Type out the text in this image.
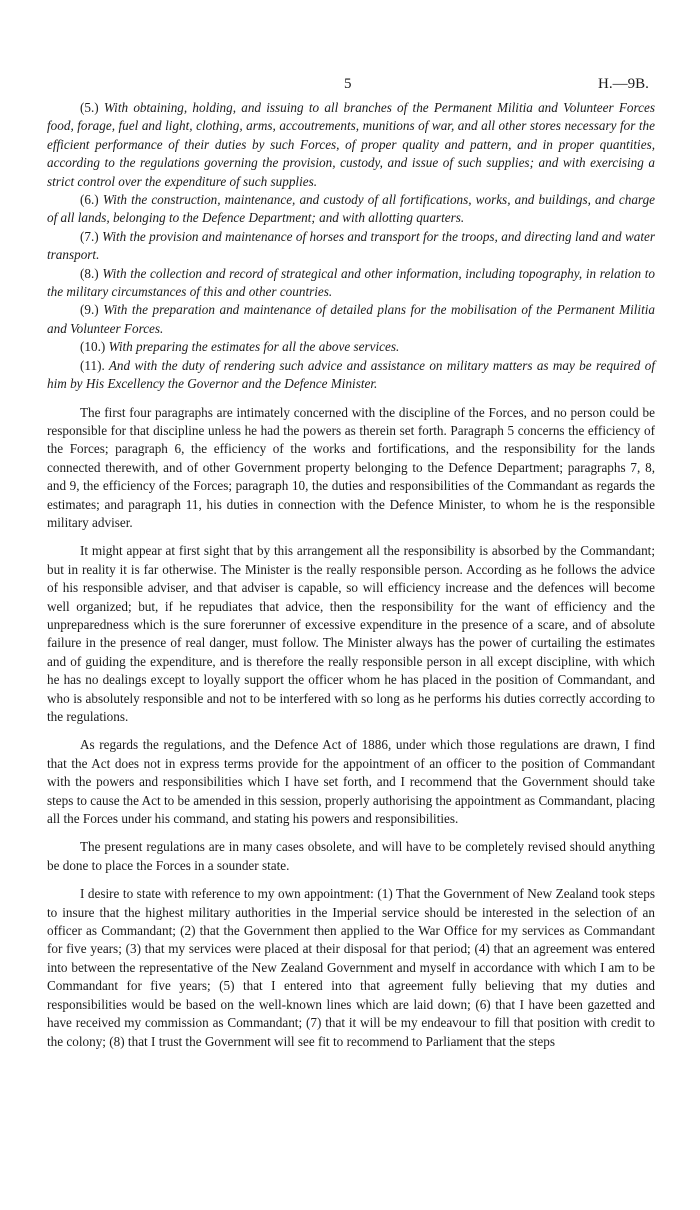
5	H.—9B.

(5.) With obtaining, holding, and issuing to all branches of the Permanent Militia and Volunteer Forces food, forage, fuel and light, clothing, arms, accoutrements, munitions of war, and all other stores necessary for the efficient performance of their duties by such Forces, of proper quality and pattern, and in proper quantities, according to the regulations governing the provision, custody, and issue of such supplies; and with exercising a strict control over the expenditure of such supplies.

(6.) With the construction, maintenance, and custody of all fortifications, works, and buildings, and charge of all lands, belonging to the Defence Department; and with allotting quarters.

(7.) With the provision and maintenance of horses and transport for the troops, and directing land and water transport.

(8.) With the collection and record of strategical and other information, including topography, in relation to the military circumstances of this and other countries.

(9.) With the preparation and maintenance of detailed plans for the mobilisation of the Permanent Militia and Volunteer Forces.

(10.) With preparing the estimates for all the above services.

(11). And with the duty of rendering such advice and assistance on military matters as may be required of him by His Excellency the Governor and the Defence Minister.

The first four paragraphs are intimately concerned with the discipline of the Forces, and no person could be responsible for that discipline unless he had the powers as therein set forth. Paragraph 5 concerns the efficiency of the Forces; paragraph 6, the efficiency of the works and fortifications, and the responsibility for the lands connected therewith, and of other Government property belonging to the Defence Department; paragraphs 7, 8, and 9, the efficiency of the Forces; paragraph 10, the duties and responsibilities of the Commandant as regards the estimates; and paragraph 11, his duties in connection with the Defence Minister, to whom he is the responsible military adviser.

It might appear at first sight that by this arrangement all the responsibility is absorbed by the Commandant; but in reality it is far otherwise. The Minister is the really responsible person. According as he follows the advice of his responsible adviser, and that adviser is capable, so will efficiency increase and the defences will become well organized; but, if he repudiates that advice, then the responsibility for the want of efficiency and the unpreparedness which is the sure forerunner of excessive expenditure in the presence of a scare, and of absolute failure in the presence of real danger, must follow. The Minister always has the power of curtailing the estimates and of guiding the expenditure, and is therefore the really responsible person in all except discipline, with which he has no dealings except to loyally support the officer whom he has placed in the position of Commandant, and who is absolutely responsible and not to be interfered with so long as he performs his duties correctly according to the regulations.

As regards the regulations, and the Defence Act of 1886, under which those regulations are drawn, I find that the Act does not in express terms provide for the appointment of an officer to the position of Commandant with the powers and responsibilities which I have set forth, and I recommend that the Government should take steps to cause the Act to be amended in this session, properly authorising the appointment as Commandant, placing all the Forces under his command, and stating his powers and responsibilities.

The present regulations are in many cases obsolete, and will have to be completely revised should anything be done to place the Forces in a sounder state.

I desire to state with reference to my own appointment: (1) That the Government of New Zealand took steps to insure that the highest military authorities in the Imperial service should be interested in the selection of an officer as Commandant; (2) that the Government then applied to the War Office for my services as Commandant for five years; (3) that my services were placed at their disposal for that period; (4) that an agreement was entered into between the representative of the New Zealand Government and myself in accordance with which I am to be Commandant for five years; (5) that I entered into that agreement fully believing that my duties and responsibilities would be based on the well-known lines which are laid down; (6) that I have been gazetted and have received my commission as Commandant; (7) that it will be my endeavour to fill that position with credit to the colony; (8) that I trust the Government will see fit to recommend to Parliament that the steps
